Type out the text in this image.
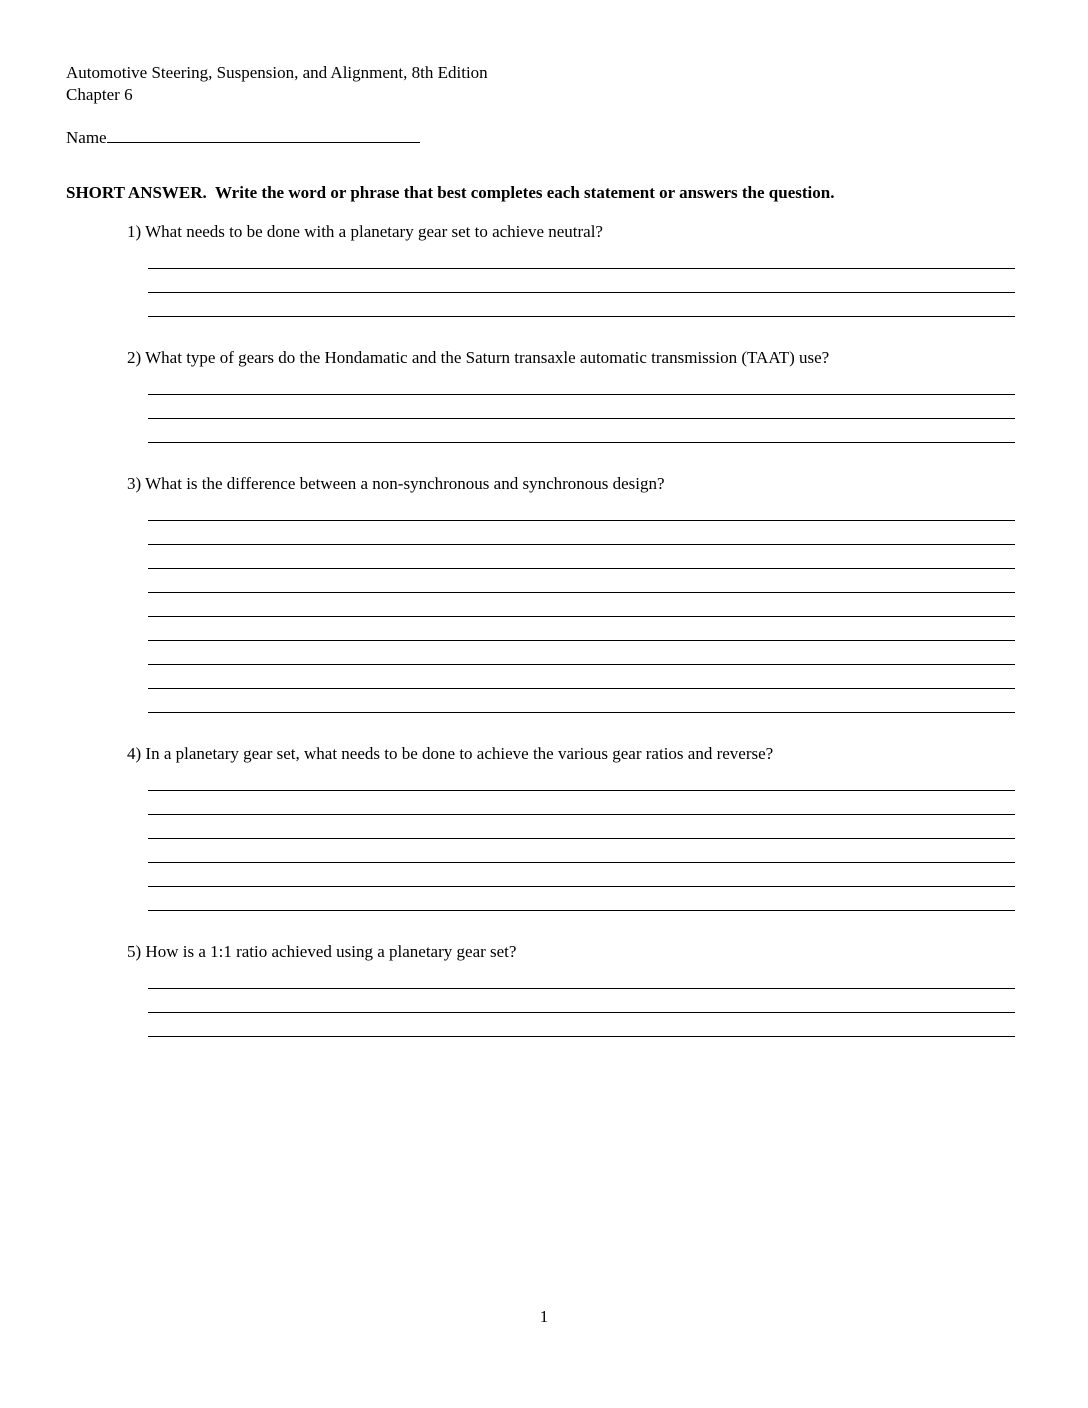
Automotive Steering, Suspension, and Alignment, 8th Edition
Chapter 6
Name
SHORT ANSWER.  Write the word or phrase that best completes each statement or answers the question.
1) What needs to be done with a planetary gear set to achieve neutral?
2) What type of gears do the Hondamatic and the Saturn transaxle automatic transmission (TAAT) use?
3) What is the difference between a non-synchronous and synchronous design?
4) In a planetary gear set, what needs to be done to achieve the various gear ratios and reverse?
5) How is a 1:1 ratio achieved using a planetary gear set?
1
